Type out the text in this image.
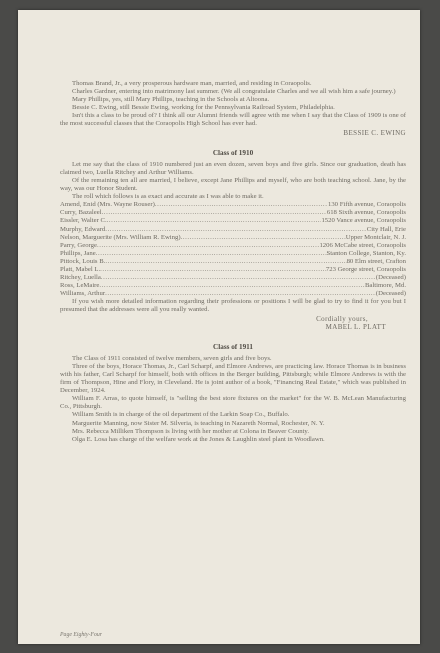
Thomas Brand, Jr., a very prosperous hardware man, married, and residing in Coraopolis.

Charles Gardner, entering into matrimony last summer. (We all congratulate Charles and we all wish him a safe journey.)

Mary Phillips, yes, still Mary Phillips, teaching in the Schools at Altoona.

Bessie C. Ewing, still Bessie Ewing, working for the Pennsylvania Railroad System, Philadelphia.

Isn't this a class to be proud of? I think all our Alumni friends will agree with me when I say that the Class of 1909 is one of the most successful classes that the Coraopolis High School has ever had.

BESSIE C. EWING

Class of 1910

Let me say that the class of 1910 numbered just an even dozen, seven boys and five girls. Since our graduation, death has claimed two, Luella Ritchey and Arthur Williams.

Of the remaining ten all are married, I believe, except Jane Phillips and myself, who are both teaching school. Jane, by the way, was our Honor Student.

The roll which follows is as exact and accurate as I was able to make it.

Amend, Enid (Mrs. Wayne Rouser) .....	130 Fifth avenue, Coraopolis
Curry, Bazaleel .....	618 Sixth avenue, Coraopolis
Eissler, Walter C. .....	1520 Vance avenue, Coraopolis
Murphy, Edward .....	City Hall, Erie
Nelson, Marguerite (Mrs. William R. Ewing) .....	Upper Montclair, N. J.
Parry, George .....	1206 McCabe street, Coraopolis
Phillips, Jane .....	Stanton College, Stanton, Ky.
Pittock, Louis B. .....	80 Elm street, Crafton
Platt, Mabel L. .....	723 George street, Coraopolis
Ritchey, Luella .....	(Deceased)
Ross, LeMaire .....	Baltimore, Md.
Williams, Arthur .....	(Deceased)

If you wish more detailed information regarding their professions or positions I will be glad to try to find it for you but I presumed that the addresses were all you really wanted.

Cordially yours,

MABEL L. PLATT

Class of 1911

The Class of 1911 consisted of twelve members, seven girls and five boys.

Three of the boys, Horace Thomas, Jr., Carl Scharpf, and Elmore Andrews, are practicing law. Horace Thomas is in business with his father, Carl Scharpf for himself, both with offices in the Berger building, Pittsburgh; while Elmore Andrews is with the firm of Thompson, Hine and Flory, in Cleveland. He is joint author of a book, "Financing Real Estate," which was published in December, 1924.

William F. Arras, to quote himself, is "selling the best store fixtures on the market" for the W. B. McLean Manufacturing Co., Pittsburgh.

William Smith is in charge of the oil department of the Larkin Soap Co., Buffalo.

Marguerite Manning, now Sister M. Silveria, is teaching in Nazareth Normal, Rochester, N. Y.

Mrs. Rebecca Milliken Thompson is living with her mother at Colona in Beaver County.

Olga E. Losa has charge of the welfare work at the Jones & Laughlin steel plant in Woodlawn.

Page Eighty-Four
